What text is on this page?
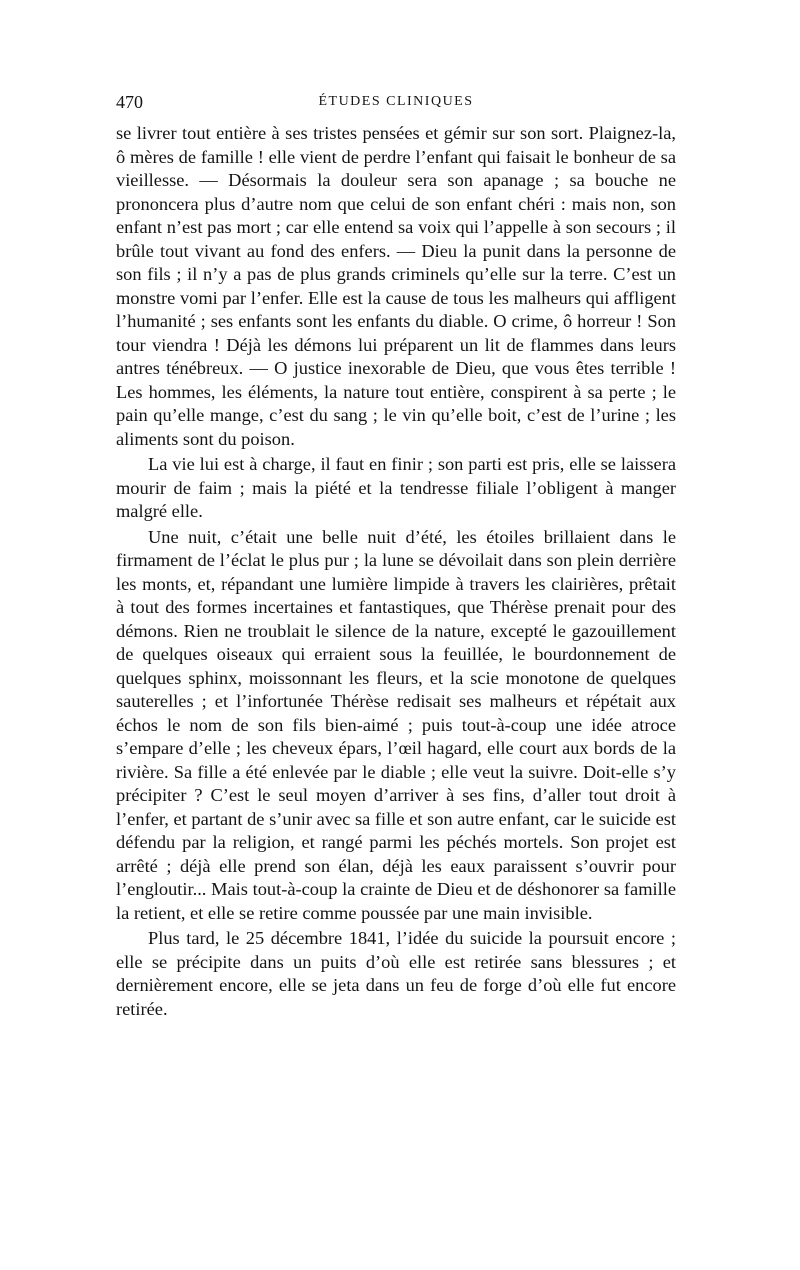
470	ÉTUDES CLINIQUES

se livrer tout entière à ses tristes pensées et gémir sur son sort. Plaignez-la, ô mères de famille ! elle vient de perdre l’enfant qui faisait le bonheur de sa vieillesse. — Désormais la douleur sera son apanage ; sa bouche ne prononcera plus d’autre nom que celui de son enfant chéri : mais non, son enfant n’est pas mort ; car elle entend sa voix qui l’appelle à son secours ; il brûle tout vivant au fond des enfers. — Dieu la punit dans la personne de son fils ; il n’y a pas de plus grands criminels qu’elle sur la terre. C’est un monstre vomi par l’enfer. Elle est la cause de tous les malheurs qui affligent l’humanité ; ses enfants sont les enfants du diable. O crime, ô horreur ! Son tour viendra ! Déjà les démons lui préparent un lit de flammes dans leurs antres ténébreux. — O justice inexorable de Dieu, que vous êtes terrible ! Les hommes, les éléments, la nature tout entière, conspirent à sa perte ; le pain qu’elle mange, c’est du sang ; le vin qu’elle boit, c’est de l’urine ; les aliments sont du poison.

La vie lui est à charge, il faut en finir ; son parti est pris, elle se laissera mourir de faim ; mais la piété et la tendresse filiale l’obligent à manger malgré elle.

Une nuit, c’était une belle nuit d’été, les étoiles brillaient dans le firmament de l’éclat le plus pur ; la lune se dévoilait dans son plein derrière les monts, et, répandant une lumière limpide à travers les clairières, prêtait à tout des formes incertaines et fantastiques, que Thérèse prenait pour des démons. Rien ne troublait le silence de la nature, excepté le gazouillement de quelques oiseaux qui erraient sous la feuillée, le bourdonnement de quelques sphinx, moissonnant les fleurs, et la scie monotone de quelques sauterelles ; et l’infortunée Thérèse redisait ses malheurs et répétait aux échos le nom de son fils bien-aimé ; puis tout-à-coup une idée atroce s’empare d’elle ; les cheveux épars, l’œil hagard, elle court aux bords de la rivière. Sa fille a été enlevée par le diable ; elle veut la suivre. Doit-elle s’y précipiter ? C’est le seul moyen d’arriver à ses fins, d’aller tout droit à l’enfer, et partant de s’unir avec sa fille et son autre enfant, car le suicide est défendu par la religion, et rangé parmi les péchés mortels. Son projet est arrêté ; déjà elle prend son élan, déjà les eaux paraissent s’ouvrir pour l’engloutir... Mais tout-à-coup la crainte de Dieu et de déshonorer sa famille la retient, et elle se retire comme poussée par une main invisible.

Plus tard, le 25 décembre 1841, l’idée du suicide la poursuit encore ; elle se précipite dans un puits d’où elle est retirée sans blessures ; et dernièrement encore, elle se jeta dans un feu de forge d’où elle fut encore retirée.
